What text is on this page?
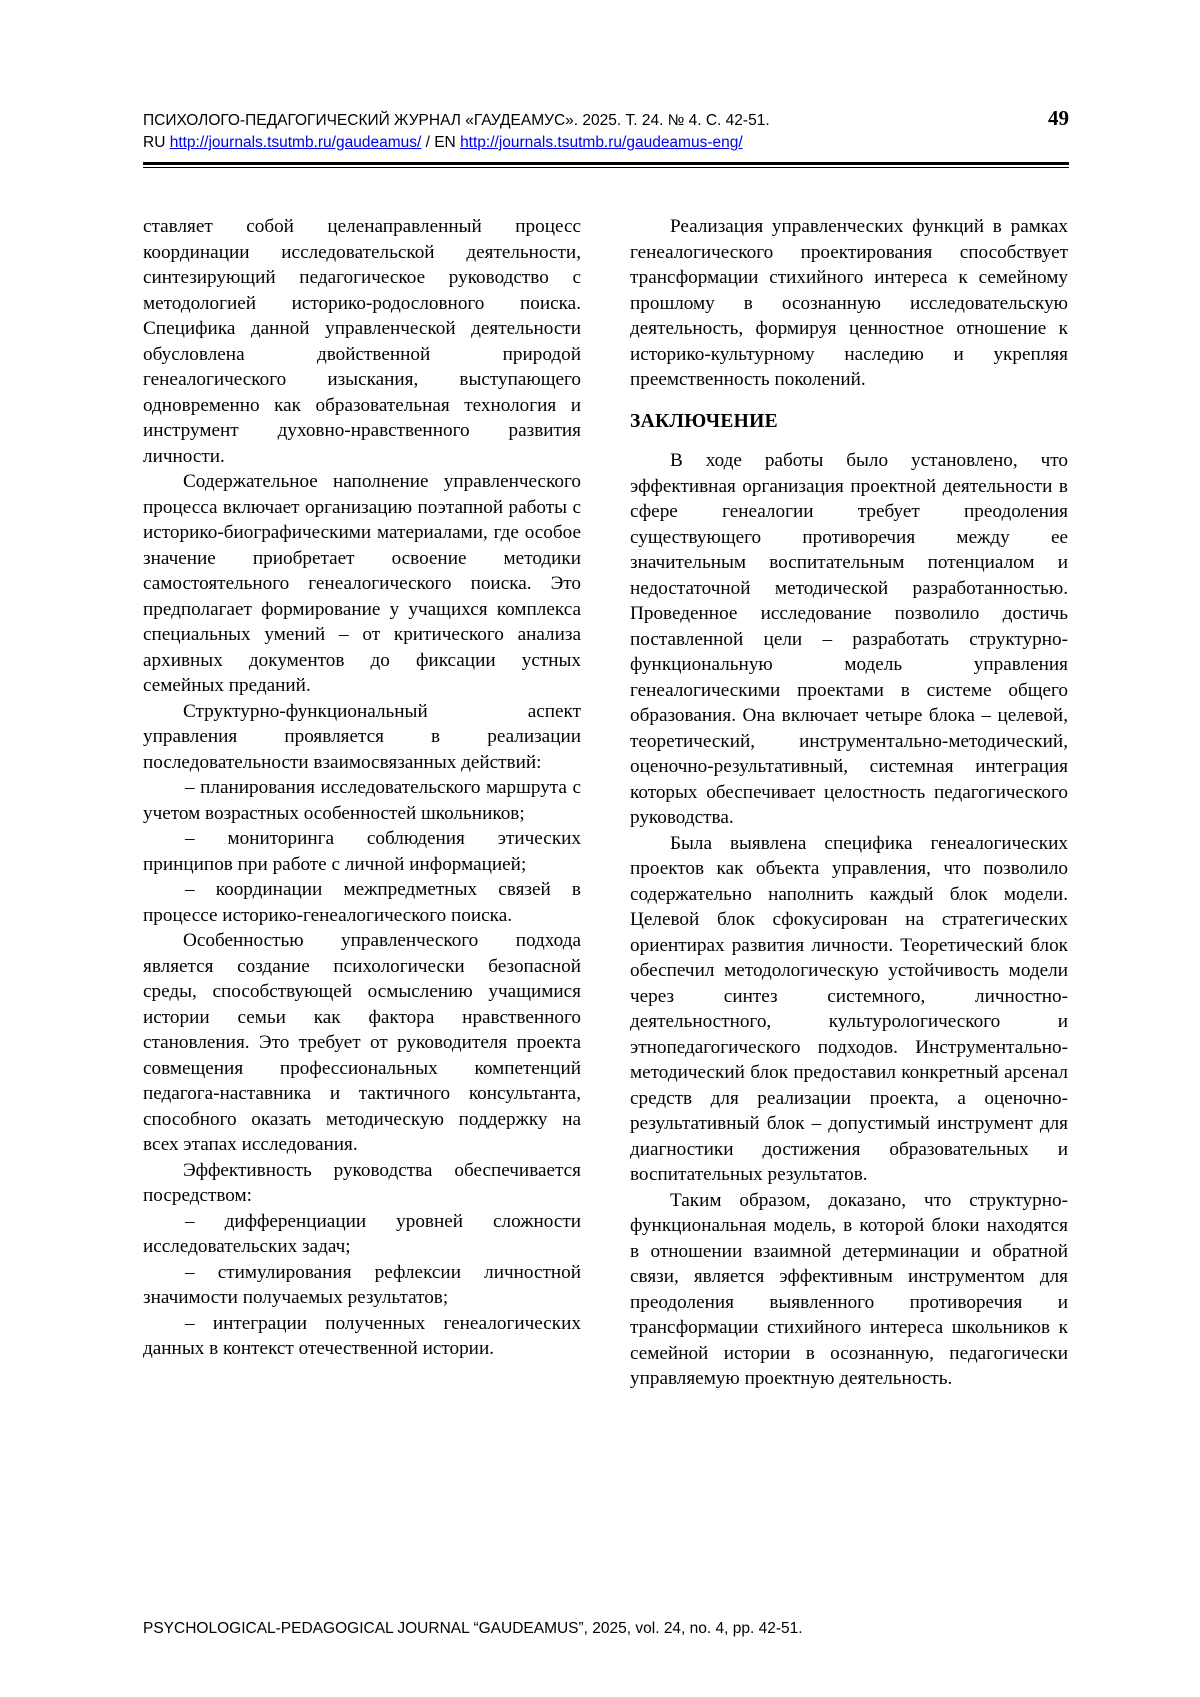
ПСИХОЛОГО-ПЕДАГОГИЧЕСКИЙ ЖУРНАЛ «ГАУДЕАМУС». 2025. Т. 24. № 4. С. 42-51.
RU http://journals.tsutmb.ru/gaudeamus/ / EN http://journals.tsutmb.ru/gaudeamus-eng/
49

ставляет собой целенаправленный процесс координации исследовательской деятельности, синтезирующий педагогическое руководство с методологией историко-родословного поиска. Специфика данной управленческой деятельности обусловлена двойственной природой генеалогического изыскания, выступающего одновременно как образовательная технология и инструмент духовно-нравственного развития личности.

Содержательное наполнение управленческого процесса включает организацию поэтапной работы с историко-биографическими материалами, где особое значение приобретает освоение методики самостоятельного генеалогического поиска. Это предполагает формирование у учащихся комплекса специальных умений – от критического анализа архивных документов до фиксации устных семейных преданий.

Структурно-функциональный аспект управления проявляется в реализации последовательности взаимосвязанных действий:

– планирования исследовательского маршрута с учетом возрастных особенностей школьников;

– мониторинга соблюдения этических принципов при работе с личной информацией;

– координации межпредметных связей в процессе историко-генеалогического поиска.

Особенностью управленческого подхода является создание психологически безопасной среды, способствующей осмыслению учащимися истории семьи как фактора нравственного становления. Это требует от руководителя проекта совмещения профессиональных компетенций педагога-наставника и тактичного консультанта, способного оказать методическую поддержку на всех этапах исследования.

Эффективность руководства обеспечивается посредством:

– дифференциации уровней сложности исследовательских задач;

– стимулирования рефлексии личностной значимости получаемых результатов;

– интеграции полученных генеалогических данных в контекст отечественной истории.

Реализация управленческих функций в рамках генеалогического проектирования способствует трансформации стихийного интереса к семейному прошлому в осознанную исследовательскую деятельность, формируя ценностное отношение к историко-культурному наследию и укрепляя преемственность поколений.

ЗАКЛЮЧЕНИЕ

В ходе работы было установлено, что эффективная организация проектной деятельности в сфере генеалогии требует преодоления существующего противоречия между ее значительным воспитательным потенциалом и недостаточной методической разработанностью. Проведенное исследование позволило достичь поставленной цели – разработать структурно-функциональную модель управления генеалогическими проектами в системе общего образования. Она включает четыре блока – целевой, теоретический, инструментально-методический, оценочно-результативный, системная интеграция которых обеспечивает целостность педагогического руководства.

Была выявлена специфика генеалогических проектов как объекта управления, что позволило содержательно наполнить каждый блок модели. Целевой блок сфокусирован на стратегических ориентирах развития личности. Теоретический блок обеспечил методологическую устойчивость модели через синтез системного, личностно-деятельностного, культурологического и этнопедагогического подходов. Инструментально-методический блок предоставил конкретный арсенал средств для реализации проекта, а оценочно-результативный блок – допустимый инструмент для диагностики достижения образовательных и воспитательных результатов.

Таким образом, доказано, что структурно-функциональная модель, в которой блоки находятся в отношении взаимной детерминации и обратной связи, является эффективным инструментом для преодоления выявленного противоречия и трансформации стихийного интереса школьников к семейной истории в осознанную, педагогически управляемую проектную деятельность.

PSYCHOLOGICAL-PEDAGOGICAL JOURNAL “GAUDEAMUS”, 2025, vol. 24, no. 4, pp. 42-51.
